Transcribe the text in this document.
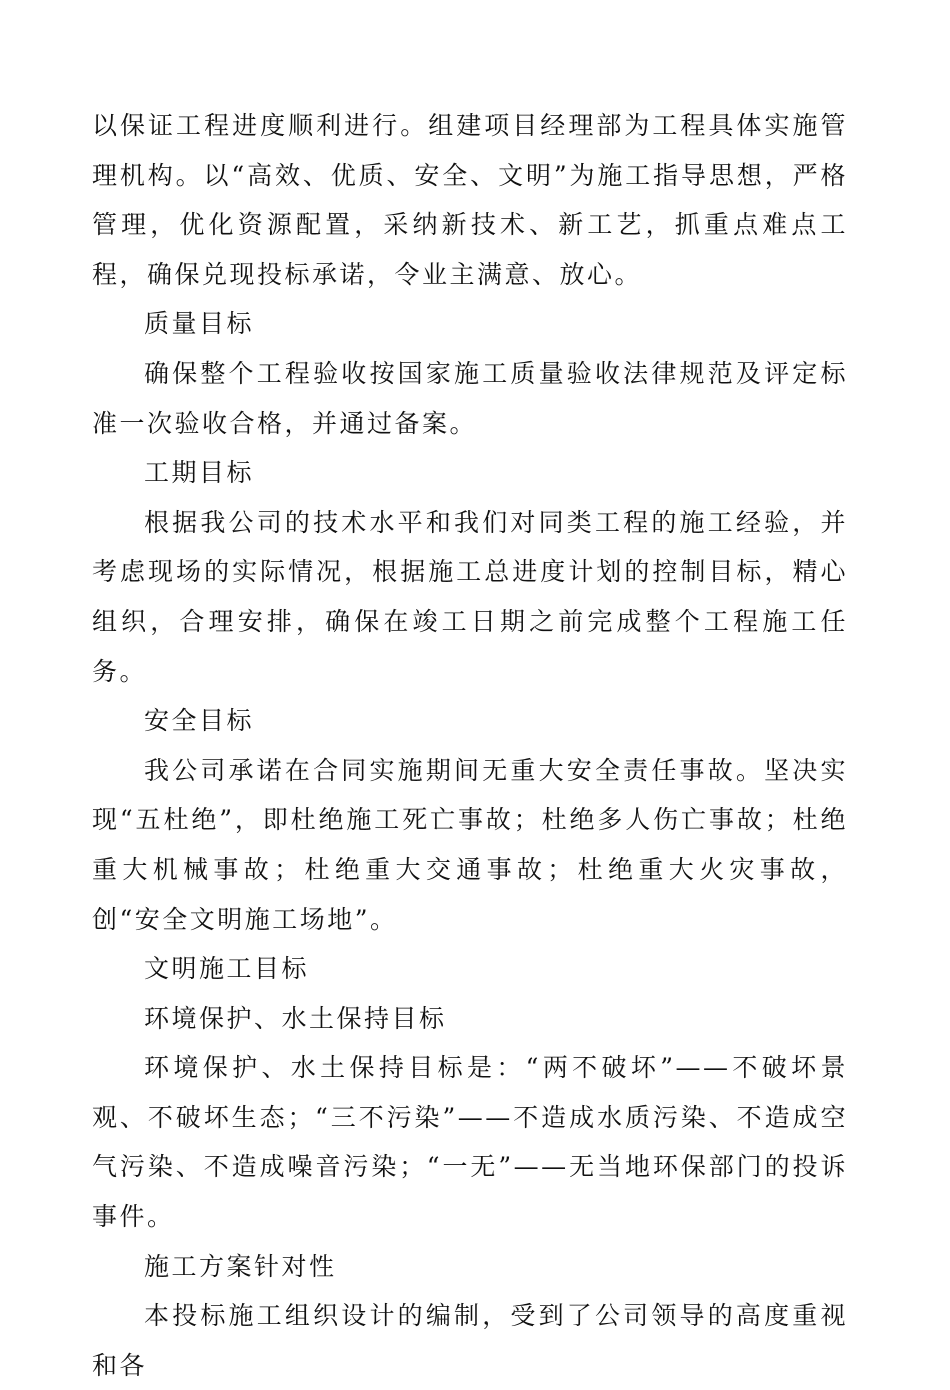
以保证工程进度顺利进行。组建项目经理部为工程具体实施管理机构。以“高效、优质、安全、文明”为施工指导思想，严格管理，优化资源配置，采纳新技术、新工艺，抓重点难点工程，确保兑现投标承诺，令业主满意、放心。

质量目标

确保整个工程验收按国家施工质量验收法律规范及评定标准一次验收合格，并通过备案。

工期目标

根据我公司的技术水平和我们对同类工程的施工经验，并考虑现场的实际情况，根据施工总进度计划的控制目标，精心组织，合理安排，确保在竣工日期之前完成整个工程施工任务。

安全目标

我公司承诺在合同实施期间无重大安全责任事故。坚决实现“五杜绝”，即杜绝施工死亡事故；杜绝多人伤亡事故；杜绝重大机械事故；杜绝重大交通事故；杜绝重大火灾事故，创“安全文明施工场地”。

文明施工目标

环境保护、水土保持目标

环境保护、水土保持目标是：“两不破坏”——不破坏景观、不破坏生态；“三不污染”——不造成水质污染、不造成空气污染、不造成噪音污染；“一无”——无当地环保部门的投诉事件。

施工方案针对性

本投标施工组织设计的编制，受到了公司领导的高度重视和各
